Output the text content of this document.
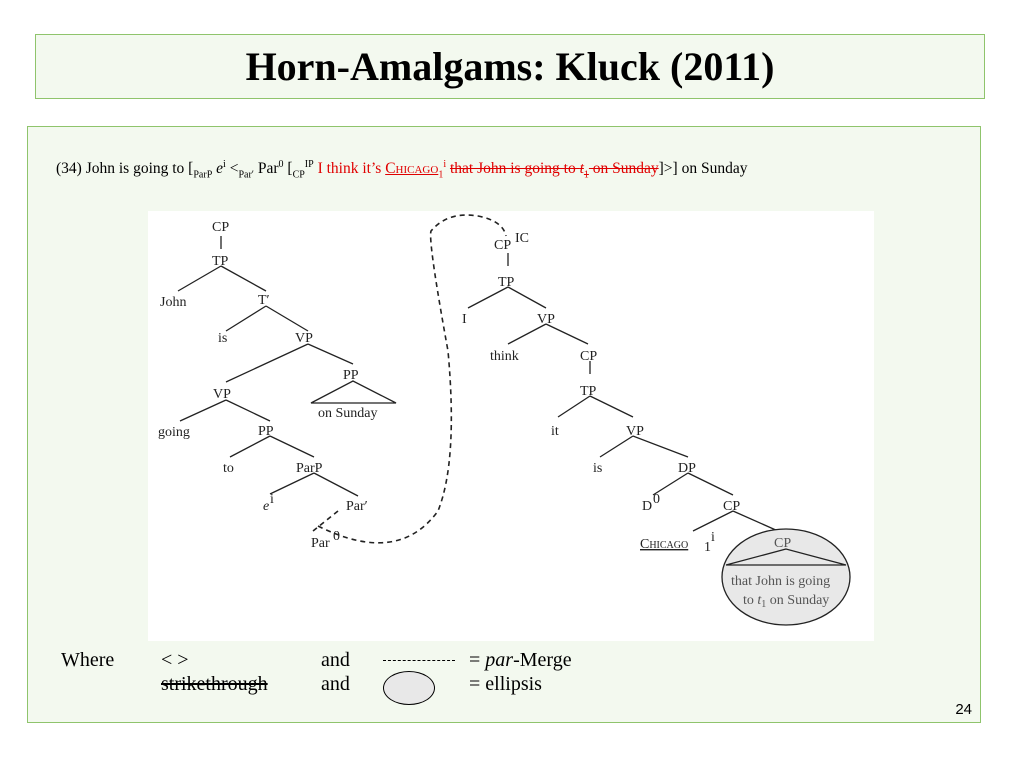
Horn-Amalgams: Kluck (2011)
(34) John is going to [$_{ParP}$ $e^i <_{Par'}$ Par$^0$ [$_{CP}^{IP}$ I think it’s Chicago$_1^i$ that John is going to $t_1$ on Sunday]>] on Sunday
CP
TP
John	T′
is	VP
PP
on Sunday
VP
going	PP
to	ParP
e i	Par′
Par 0
CP IC
TP
I	VP
think	CP
TP
it	VP
is	DP
D 0	CP
Chicago 1
i	CP
that John is going
to $t_1$ on Sunday
Where < >	and	= par-Merge
strikethrough	and	= ellipsis
24
